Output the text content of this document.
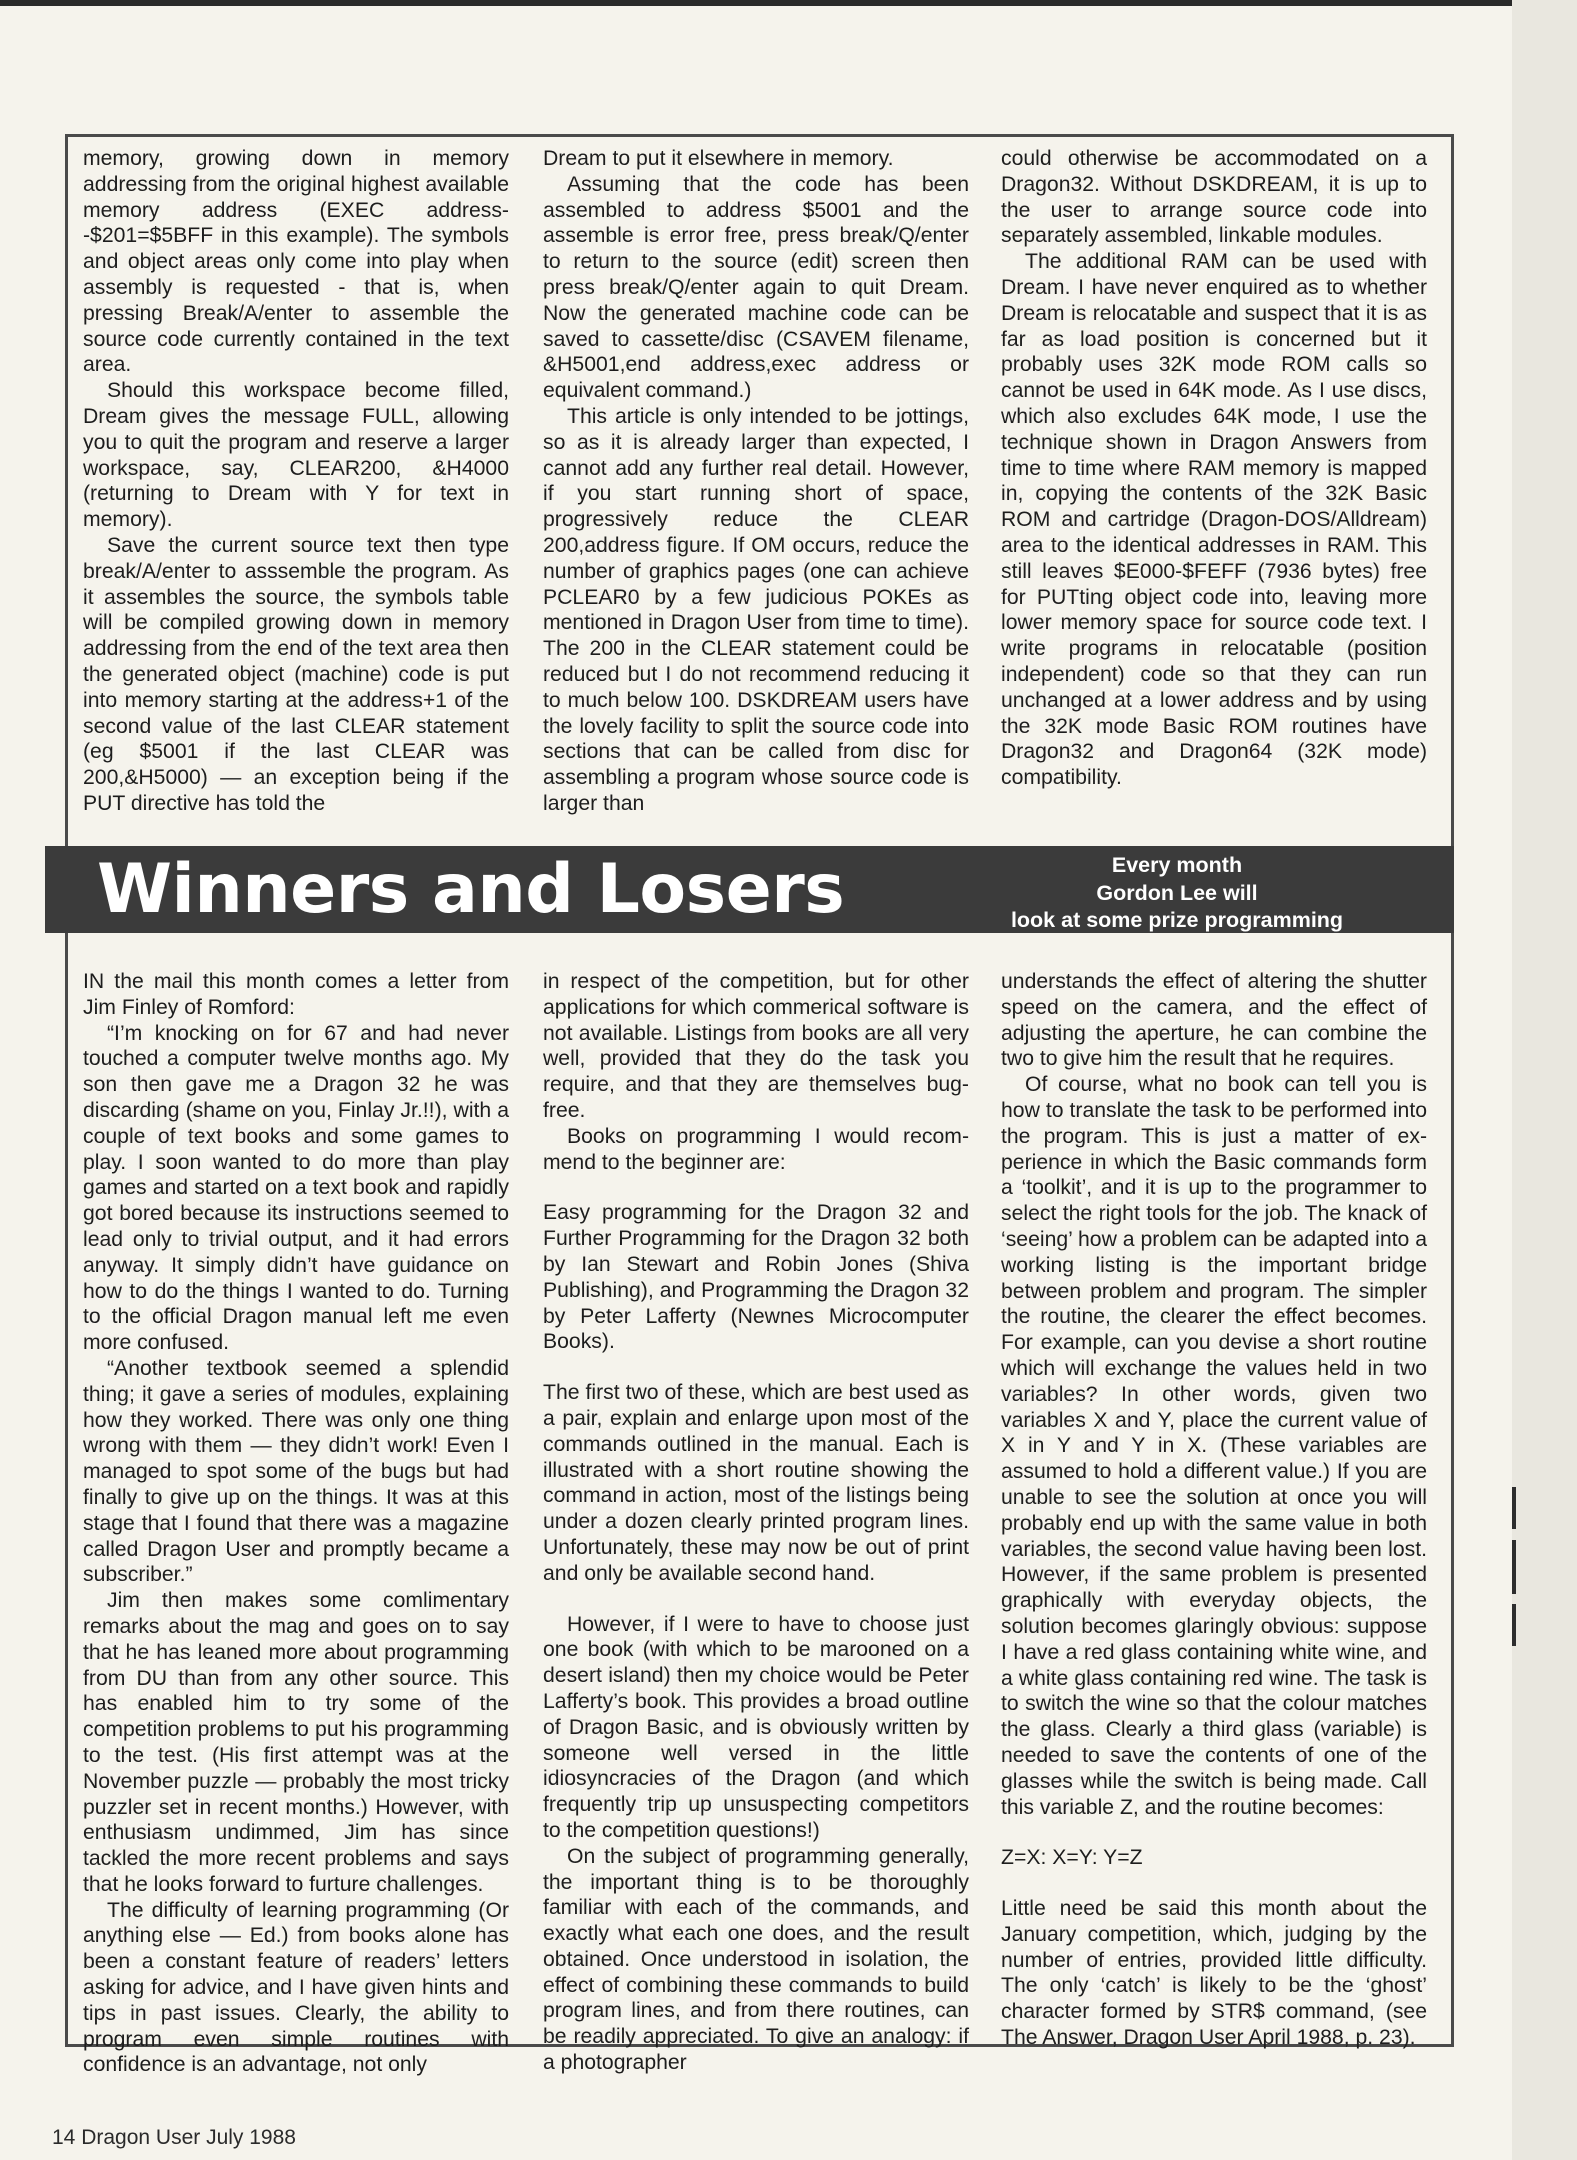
memory, growing down in memory addressing from the original highest available memory address (EXEC address--$201=$5BFF in this example). The symbols and object areas only come into play when assembly is requested - that is, when pressing Break/A/enter to assemble the source code currently contained in the text area.

Should this workspace become filled, Dream gives the message FULL, allowing you to quit the program and reserve a larger workspace, say, CLEAR200, &H4000 (returning to Dream with Y for text in memory).

Save the current source text then type break/A/enter to asssemble the program. As it assembles the source, the symbols table will be compiled growing down in memory addressing from the end of the text area then the generated object (machine) code is put into memory starting at the address+1 of the second value of the last CLEAR statement (eg $5001 if the last CLEAR was 200,&H5000) — an exception being if the PUT directive has told the

Dream to put it elsewhere in memory.

Assuming that the code has been assembled to address $5001 and the assemble is error free, press break/Q/enter to return to the source (edit) screen then press break/Q/enter again to quit Dream. Now the generated machine code can be saved to cassette/disc (CSAVEM filename, &H5001,end address,exec address or equivalent command.)

This article is only intended to be jottings, so as it is already larger than expected, I cannot add any further real detail. However, if you start running short of space, progressively reduce the CLEAR 200,address figure. If OM occurs, reduce the number of graphics pages (one can achieve PCLEAR0 by a few judicious POKEs as mentioned in Dragon User from time to time). The 200 in the CLEAR statement could be reduced but I do not recommend reducing it to much below 100. DSKDREAM users have the lovely facility to split the source code into sections that can be called from disc for assembling a program whose source code is larger than

could otherwise be accommodated on a Dragon32. Without DSKDREAM, it is up to the user to arrange source code into separately assembled, linkable modules.

The additional RAM can be used with Dream. I have never enquired as to whether Dream is relocatable and suspect that it is as far as load position is concerned but it probably uses 32K mode ROM calls so cannot be used in 64K mode. As I use discs, which also excludes 64K mode, I use the technique shown in Dragon Answers from time to time where RAM memory is mapped in, copying the contents of the 32K Basic ROM and cartridge (Dragon-DOS/Alldream) area to the identical addresses in RAM. This still leaves $E000-$FEFF (7936 bytes) free for PUTting object code into, leaving more lower memory space for source code text. I write programs in relocatable (position independent) code so that they can run unchanged at a lower address and by using the 32K mode Basic ROM routines have Dragon32 and Dragon64 (32K mode) compatibility.

Winners and Losers	Every month
Gordon Lee will
look at some prize programming

IN the mail this month comes a letter from Jim Finley of Romford:

“I’m knocking on for 67 and had never touched a computer twelve months ago. My son then gave me a Dragon 32 he was discarding (shame on you, Finlay Jr.!!), with a couple of text books and some games to play. I soon wanted to do more than play games and started on a text book and rapidly got bored because its instructions seemed to lead only to trivial output, and it had errors anyway. It simply didn’t have guidance on how to do the things I wanted to do. Turning to the official Dragon manual left me even more confused.

“Another textbook seemed a splendid thing; it gave a series of modules, explaining how they worked. There was only one thing wrong with them — they didn’t work! Even I managed to spot some of the bugs but had finally to give up on the things. It was at this stage that I found that there was a magazine called Dragon User and promptly became a subscriber.”

Jim then makes some comlimentary remarks about the mag and goes on to say that he has leaned more about programming from DU than from any other source. This has enabled him to try some of the competition problems to put his programming to the test. (His first attempt was at the November puzzle — probably the most tricky puzzler set in recent months.) However, with enthusiasm undimmed, Jim has since tackled the more recent problems and says that he looks forward to furture challenges.

The difficulty of learning programming (Or anything else — Ed.) from books alone has been a constant feature of readers’ letters asking for advice, and I have given hints and tips in past issues. Clearly, the ability to program even simple routines with confidence is an advantage, not only

in respect of the competition, but for other applications for which commerical software is not available. Listings from books are all very well, provided that they do the task you require, and that they are themselves bug-free.

Books on programming I would recommend to the beginner are:

Easy programming for the Dragon 32 and Further Programming for the Dragon 32 both by Ian Stewart and Robin Jones (Shiva Publishing), and Programming the Dragon 32 by Peter Lafferty (Newnes Microcomputer Books).

The first two of these, which are best used as a pair, explain and enlarge upon most of the commands outlined in the manual. Each is illustrated with a short routine showing the command in action, most of the listings being under a dozen clearly printed program lines. Unfortunately, these may now be out of print and only be available second hand.

However, if I were to have to choose just one book (with which to be marooned on a desert island) then my choice would be Peter Lafferty’s book. This provides a broad outline of Dragon Basic, and is obviously written by someone well versed in the little idiosyncracies of the Dragon (and which frequently trip up unsuspecting competitors to the competition questions!)

On the subject of programming generally, the important thing is to be thoroughly familiar with each of the commands, and exactly what each one does, and the result obtained. Once understood in isolation, the effect of combining these commands to build program lines, and from there routines, can be readily appreciated. To give an analogy: if a photographer

understands the effect of altering the shutter speed on the camera, and the effect of adjusting the aperture, he can combine the two to give him the result that he requires.

Of course, what no book can tell you is how to translate the task to be performed into the program. This is just a matter of experience in which the Basic commands form a ‘toolkit’, and it is up to the programmer to select the right tools for the job. The knack of ‘seeing’ how a problem can be adapted into a working listing is the important bridge between problem and program. The simpler the routine, the clearer the effect becomes. For example, can you devise a short routine which will exchange the values held in two variables? In other words, given two variables X and Y, place the current value of X in Y and Y in X. (These variables are assumed to hold a different value.) If you are unable to see the solution at once you will probably end up with the same value in both variables, the second value having been lost. However, if the same problem is presented graphically with everyday objects, the solution becomes glaringly obvious: suppose I have a red glass containing white wine, and a white glass containing red wine. The task is to switch the wine so that the colour matches the glass. Clearly a third glass (variable) is needed to save the contents of one of the glasses while the switch is being made. Call this variable Z, and the routine becomes:

Z=X: X=Y: Y=Z

Little need be said this month about the January competition, which, judging by the number of entries, provided little difficulty. The only ‘catch’ is likely to be the ‘ghost’ character formed by STR$ command, (see The Answer, Dragon User April 1988, p. 23).

14 Dragon User July 1988
